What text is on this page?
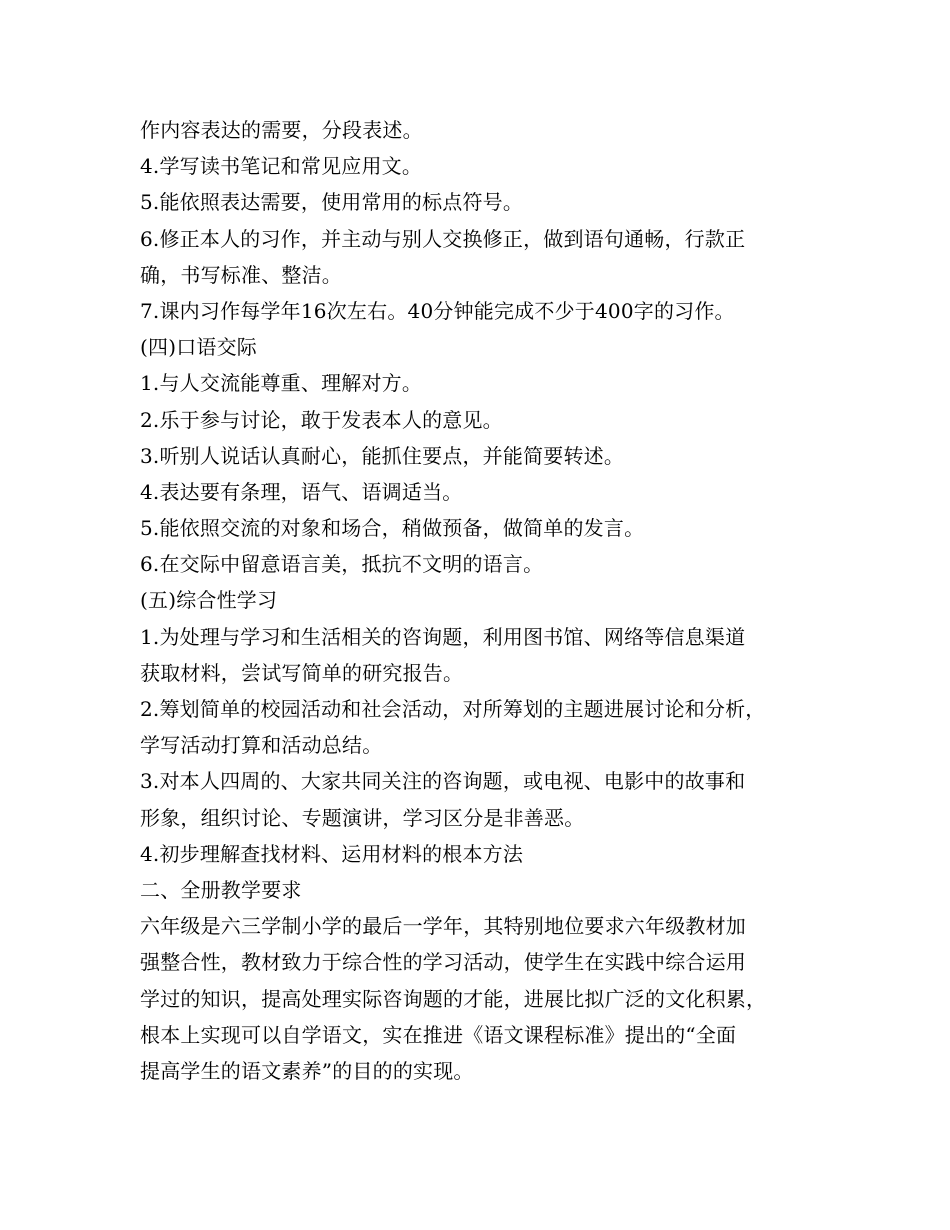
作内容表达的需要，分段表述。
4.学写读书笔记和常见应用文。
5.能依照表达需要，使用常用的标点符号。
6.修正本人的习作，并主动与别人交换修正，做到语句通畅，行款正
确，书写标准、整洁。
7.课内习作每学年16次左右。40分钟能完成不少于400字的习作。
(四)口语交际
1.与人交流能尊重、理解对方。
2.乐于参与讨论，敢于发表本人的意见。
3.听别人说话认真耐心，能抓住要点，并能简要转述。
4.表达要有条理，语气、语调适当。
5.能依照交流的对象和场合，稍做预备，做简单的发言。
6.在交际中留意语言美，抵抗不文明的语言。
(五)综合性学习
1.为处理与学习和生活相关的咨询题，利用图书馆、网络等信息渠道
获取材料，尝试写简单的研究报告。
2.筹划简单的校园活动和社会活动，对所筹划的主题进展讨论和分析，
学写活动打算和活动总结。
3.对本人四周的、大家共同关注的咨询题，或电视、电影中的故事和
形象，组织讨论、专题演讲，学习区分是非善恶。
4.初步理解查找材料、运用材料的根本方法
二、全册教学要求
六年级是六三学制小学的最后一学年，其特别地位要求六年级教材加
强整合性，教材致力于综合性的学习活动，使学生在实践中综合运用
学过的知识，提高处理实际咨询题的才能，进展比拟广泛的文化积累，
根本上实现可以自学语文，实在推进《语文课程标准》提出的“全面
提高学生的语文素养”的目的的实现。
